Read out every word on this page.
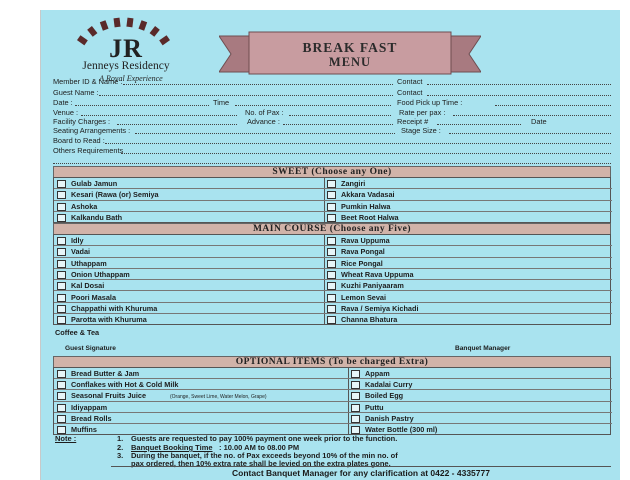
JR
Jenneys Residency
A Royal Experience
BREAK FAST
MENU
Member ID & Name :	Contact
Guest Name :	Contact
Date :	Time	Food Pick up Time :
Venue :	No. of Pax :	Rate per pax :
Facility Charges :	Advance :	Receipt #	Date
Seating Arrangements :	Stage Size :
Board to Read :
Others Requirements
SWEET (Choose any One)
Gulab Jamun	Zangiri
Kesari (Rawa (or) Semiya	Akkara Vadasai
Ashoka	Pumkin Halwa
Kalkandu Bath	Beet Root Halwa
MAIN COURSE (Choose any Five)
Idly	Rava Uppuma
Vadai	Rava Pongal
Uthappam	Rice Pongal
Onion Uthappam	Wheat Rava Uppuma
Kal Dosai	Kuzhi Paniyaaram
Poori Masala	Lemon Sevai
Chappathi with Khuruma	Rava / Semiya Kichadi
Parotta with Khuruma	Channa Bhatura
Coffee & Tea
Guest Signature	Banquet Manager
OPTIONAL ITEMS (To be charged Extra)
Bread Butter & Jam	Appam
Conflakes with Hot & Cold Milk	Kadalai Curry
Seasonal Fruits Juice	(Orange, Sweet Lime, Water Melon, Grape)	Boiled Egg
Idiyappam	Puttu
Bread Rolls	Danish Pastry
Muffins	Water Bottle (300 ml)
Note :	1. Guests are requested to pay 100% payment one week prior to the function.
2. Banquet Booking Time : 10.00 AM to 08.00 PM
3. During the banquet, if the no. of Pax exceeds beyond 10% of the min no. of
pax ordered, then 10% extra rate shall be levied on the extra plates gone.
Contact Banquet Manager for any clarification at 0422 - 4335777
